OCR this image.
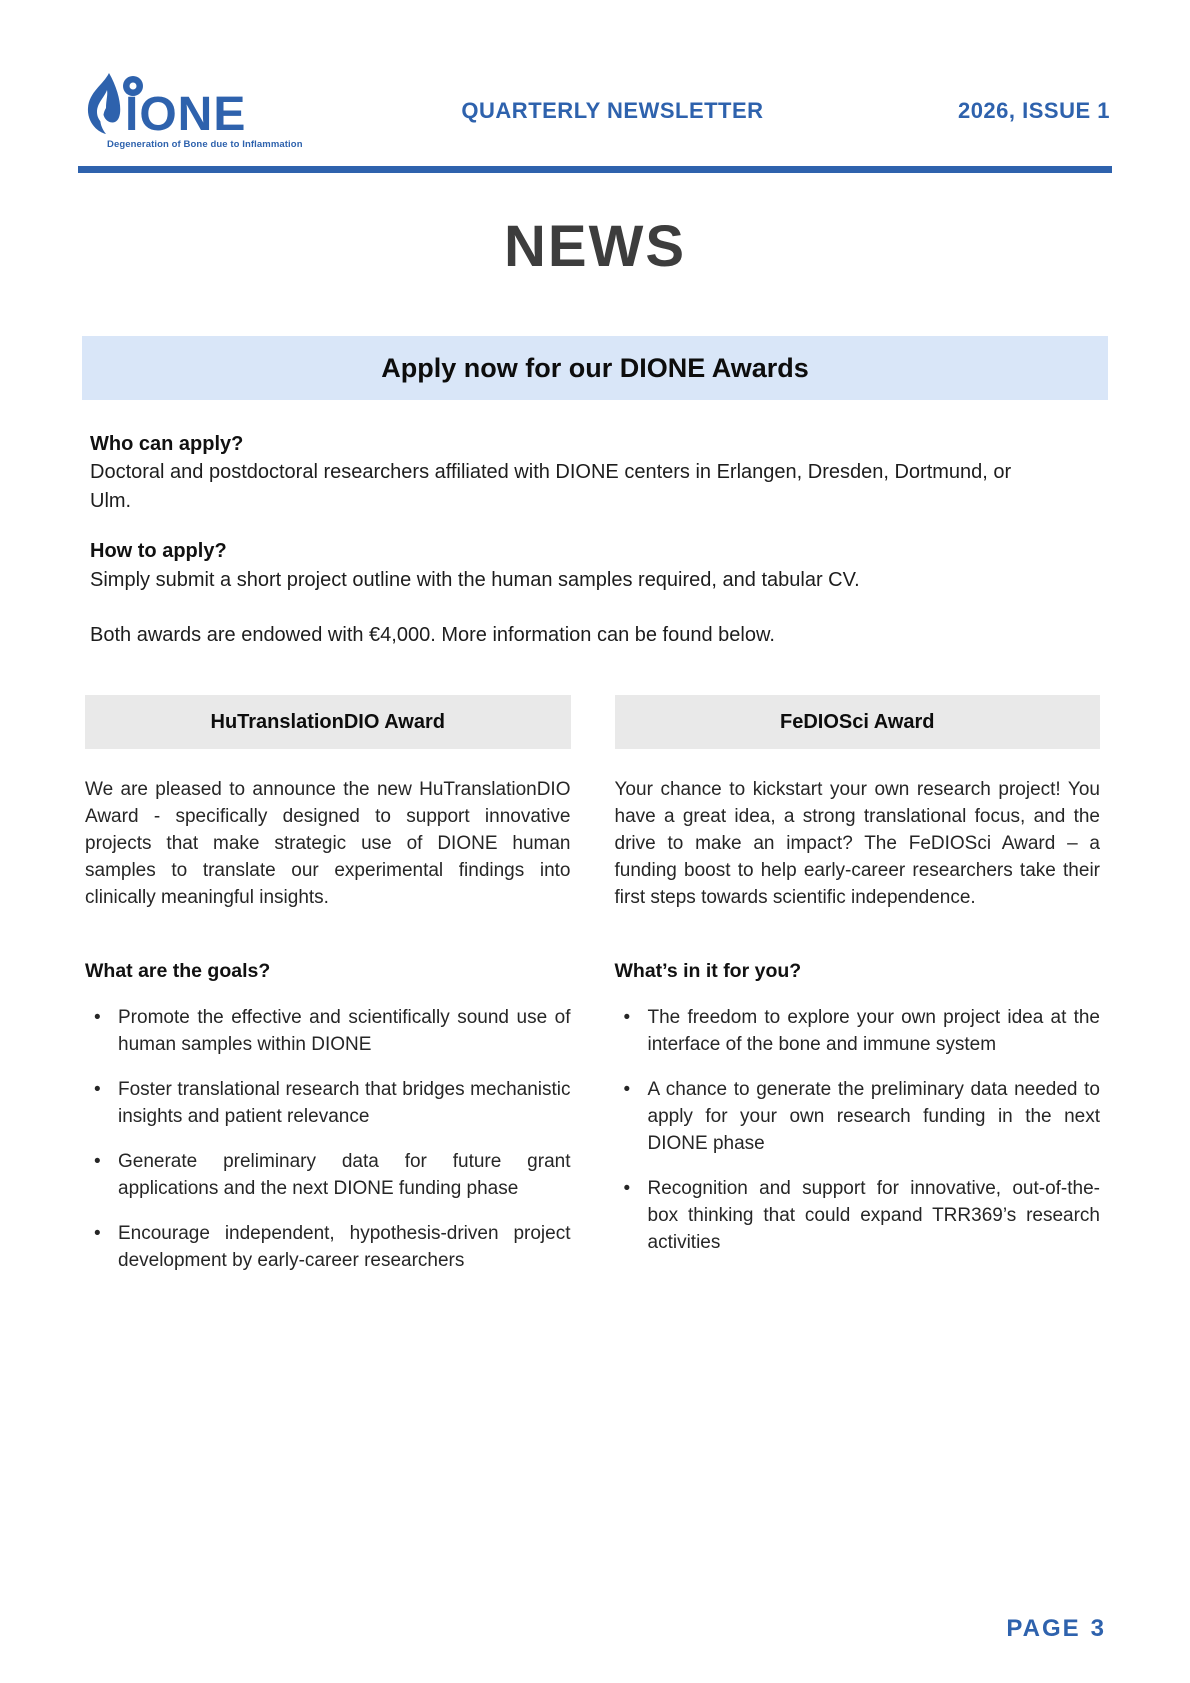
IONE
Degeneration of Bone due to Inflammation
QUARTERLY NEWSLETTER	2026, ISSUE 1
NEWS
Apply now for our DIONE Awards
Who can apply?

Doctoral and postdoctoral researchers affiliated with DIONE centers in Erlangen, Dresden, Dortmund, or Ulm.

How to apply?

Simply submit a short project outline with the human samples required, and tabular CV.

Both awards are endowed with €4,000. More information can be found below.

HuTranslationDIO Award

We are pleased to announce the new HuTranslationDIO Award - specifically designed to support innovative projects that make strategic use of DIONE human samples to translate our experimental findings into clinically meaningful insights.

What are the goals?
Promote the effective and scientifically sound use of human samples within DIONE
Foster translational research that bridges mechanistic insights and patient relevance
Generate preliminary data for future grant applications and the next DIONE funding phase
Encourage independent, hypothesis-driven project development by early-career researchers
FeDIOSci Award

Your chance to kickstart your own research project! You have a great idea, a strong translational focus, and the drive to make an impact? The FeDIOSci Award – a funding boost to help early-career researchers take their first steps towards scientific independence.

What’s in it for you?
The freedom to explore your own project idea at the interface of the bone and immune system
A chance to generate the preliminary data needed to apply for your own research funding in the next DIONE phase
Recognition and support for innovative, out-of-the-box thinking that could expand TRR369’s research activities
PAGE 3
